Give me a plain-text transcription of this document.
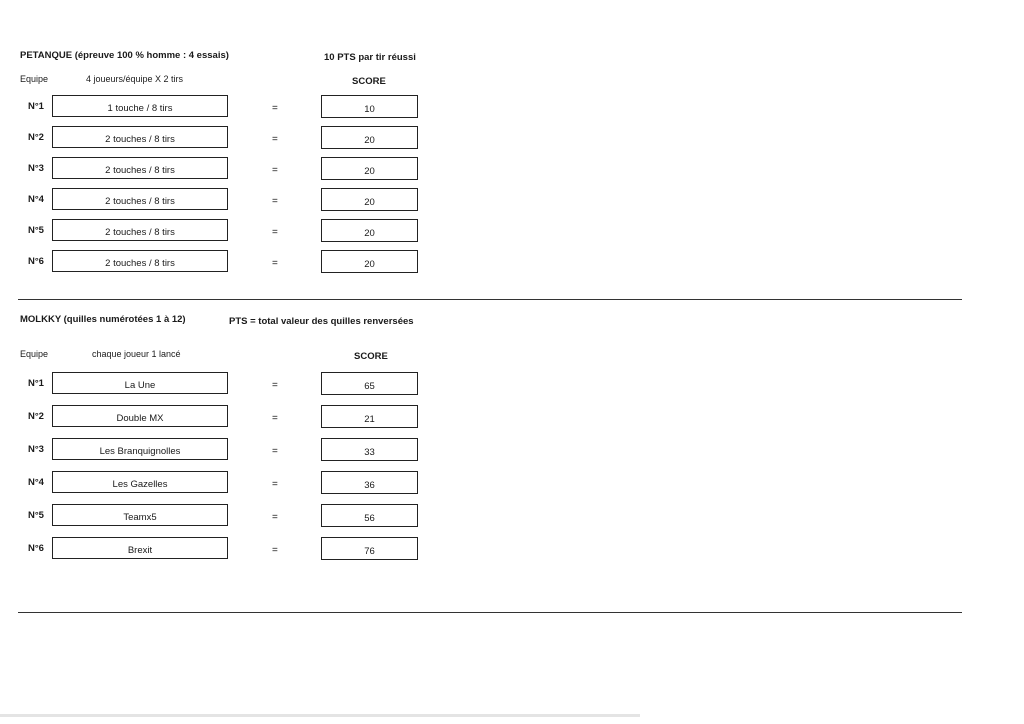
PETANQUE (épreuve 100 % homme : 4 essais)	10 PTS par tir réussi
Equipe	4 joueurs/équipe X 2 tirs	SCORE
N°1	1 touche / 8 tirs	=	10
N°2	2 touches / 8 tirs	=	20
N°3	2 touches / 8 tirs	=	20
N°4	2 touches / 8 tirs	=	20
N°5	2 touches / 8 tirs	=	20
N°6	2 touches / 8 tirs	=	20
MOLKKY (quilles numérotées 1 à 12)	PTS = total valeur des quilles renversées
Equipe	chaque joueur 1 lancé	SCORE
N°1	La Une	=	65
N°2	Double MX	=	21
N°3	Les Branquignolles	=	33
N°4	Les Gazelles	=	36
N°5	Teamx5	=	56
N°6	Brexit	=	76
